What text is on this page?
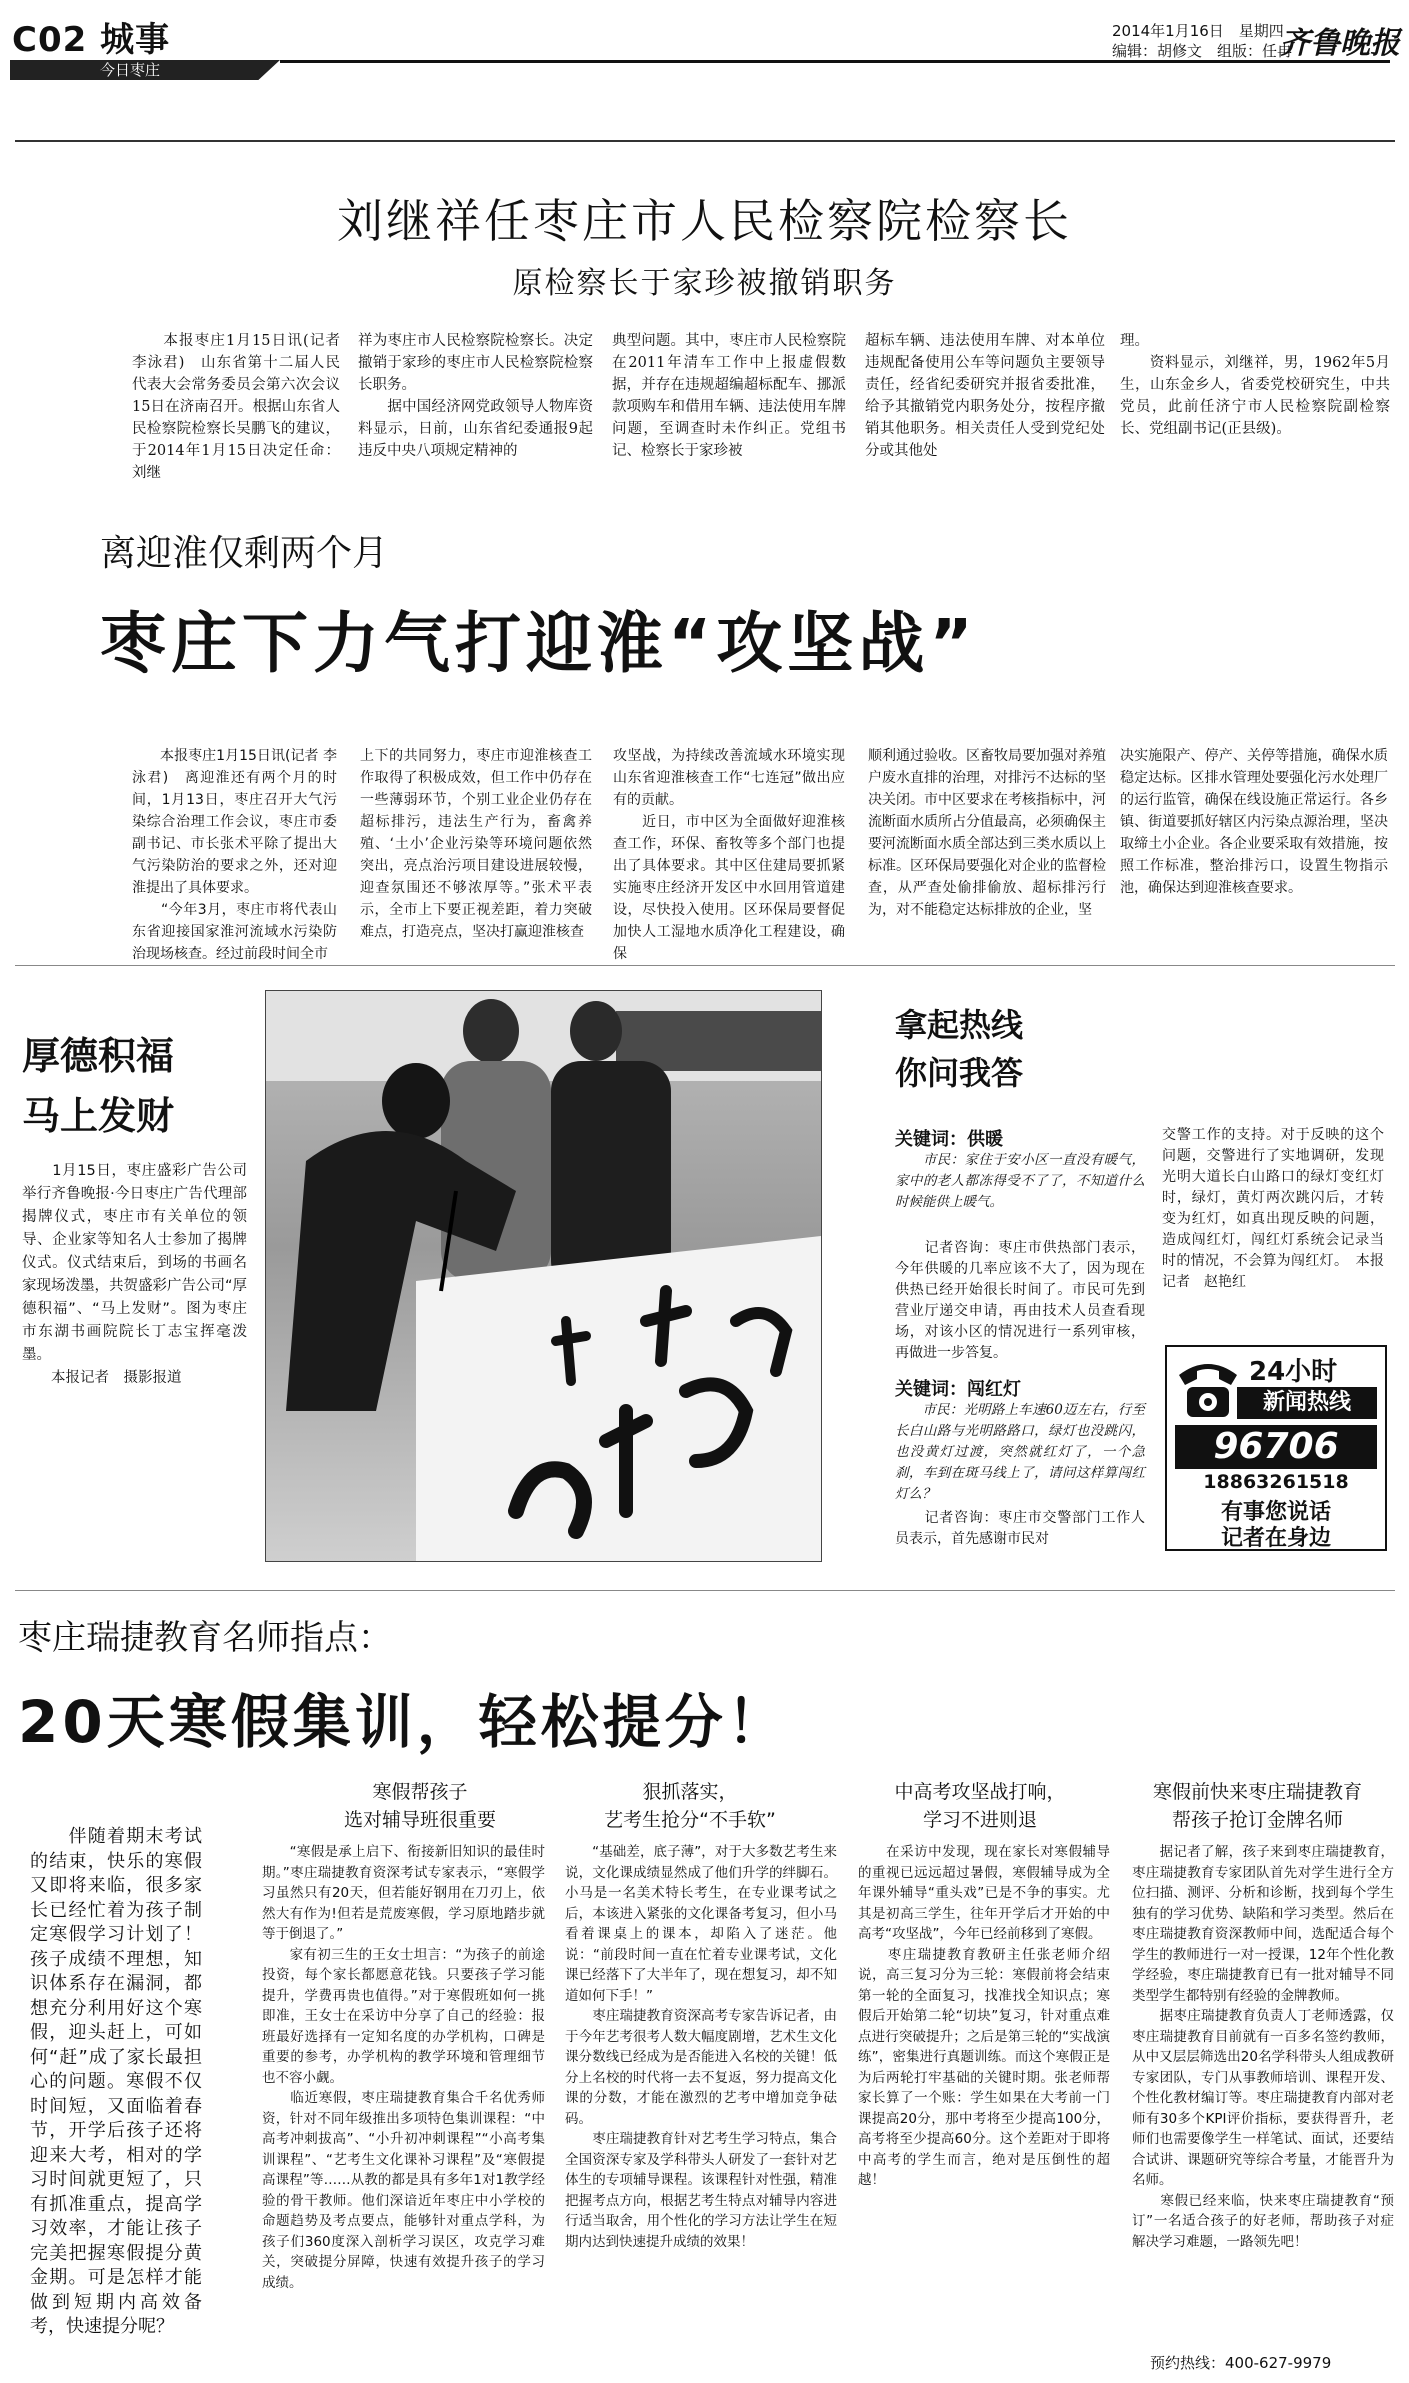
C02 城事
今日枣庄
2014年1月16日　星期四
编辑：胡修文　组版：任冉
齐鲁晚报
刘继祥任枣庄市人民检察院检察长
原检察长于家珍被撤销职务
　　本报枣庄1月15日讯(记者 李泳君)　山东省第十二届人民代表大会常务委员会第六次会议15日在济南召开。根据山东省人民检察院检察长吴鹏飞的建议，于2014年1月15日决定任命：刘继
祥为枣庄市人民检察院检察长。决定撤销于家珍的枣庄市人民检察院检察长职务。
　　据中国经济网党政领导人物库资料显示，日前，山东省纪委通报9起违反中央八项规定精神的
典型问题。其中，枣庄市人民检察院在2011年清车工作中上报虚假数据，并存在违规超编超标配车、挪派款项购车和借用车辆、违法使用车牌问题，至调查时未作纠正。党组书记、检察长于家珍被
超标车辆、违法使用车牌、对本单位违规配备使用公车等问题负主要领导责任，经省纪委研究并报省委批准，给予其撤销党内职务处分，按程序撤销其他职务。相关责任人受到党纪处分或其他处
理。
　　资料显示，刘继祥，男，1962年5月生，山东金乡人，省委党校研究生，中共党员，此前任济宁市人民检察院副检察长、党组副书记(正县级)。
离迎淮仅剩两个月
枣庄下力气打迎淮“攻坚战”
　　本报枣庄1月15日讯(记者 李泳君)　离迎淮还有两个月的时间，1月13日，枣庄召开大气污染综合治理工作会议，枣庄市委副书记、市长张术平除了提出大气污染防治的要求之外，还对迎淮提出了具体要求。
　　“今年3月，枣庄市将代表山东省迎接国家淮河流域水污染防治现场核查。经过前段时间全市
上下的共同努力，枣庄市迎淮核查工作取得了积极成效，但工作中仍存在一些薄弱环节，个别工业企业仍存在超标排污，违法生产行为，畜禽养殖、‘土小’企业污染等环境问题依然突出，亮点治污项目建设进展较慢，迎查氛围还不够浓厚等。”张术平表示，全市上下要正视差距，着力突破难点，打造亮点，坚决打赢迎淮核查
攻坚战，为持续改善流域水环境实现山东省迎淮核查工作“七连冠”做出应有的贡献。
　　近日，市中区为全面做好迎淮核查工作，环保、畜牧等多个部门也提出了具体要求。其中区住建局要抓紧实施枣庄经济开发区中水回用管道建设，尽快投入使用。区环保局要督促加快人工湿地水质净化工程建设，确保
顺利通过验收。区畜牧局要加强对养殖户废水直排的治理，对排污不达标的坚决关闭。市中区要求在考核指标中，河流断面水质所占分值最高，必须确保主要河流断面水质全部达到三类水质以上标准。区环保局要强化对企业的监督检查，从严查处偷排偷放、超标排污行为，对不能稳定达标排放的企业，坚
决实施限产、停产、关停等措施，确保水质稳定达标。区排水管理处要强化污水处理厂的运行监管，确保在线设施正常运行。各乡镇、街道要抓好辖区内污染点源治理，坚决取缔土小企业。各企业要采取有效措施，按照工作标准，整治排污口，设置生物指示池，确保达到迎淮核查要求。
厚德积福
马上发财
　　1月15日，枣庄盛彩广告公司举行齐鲁晚报·今日枣庄广告代理部揭牌仪式，枣庄市有关单位的领导、企业家等知名人士参加了揭牌仪式。仪式结束后，到场的书画名家现场泼墨，共贺盛彩广告公司“厚德积福”、“马上发财”。图为枣庄市东湖书画院院长丁志宝挥毫泼墨。
　　本报记者　摄影报道
拿起热线
你问我答
关键词：供暖
　　市民：家住于安小区一直没有暖气，家中的老人都冻得受不了了，不知道什么时候能供上暖气。
　　记者咨询：枣庄市供热部门表示，今年供暖的几率应该不大了，因为现在供热已经开始很长时间了。市民可先到营业厅递交申请，再由技术人员查看现场，对该小区的情况进行一系列审核，再做进一步答复。
关键词：闯红灯
　　市民：光明路上车速60迈左右，行至长白山路与光明路路口，绿灯也没跳闪，也没黄灯过渡，突然就红灯了，一个急刹，车到在斑马线上了，请问这样算闯红灯么？
　　记者咨询：枣庄市交警部门工作人员表示，首先感谢市民对
交警工作的支持。对于反映的这个问题，交警进行了实地调研，发现光明大道长白山路口的绿灯变红灯时，绿灯，黄灯两次跳闪后，才转变为红灯，如真出现反映的问题，造成闯红灯，闯红灯系统会记录当时的情况，不会算为闯红灯。　本报记者　赵艳红
24小时
新闻热线
96706
18863261518
有事您说话
记者在身边
枣庄瑞捷教育名师指点：
20天寒假集训，轻松提分！
　　伴随着期末考试的结束，快乐的寒假又即将来临，很多家长已经忙着为孩子制定寒假学习计划了！孩子成绩不理想，知识体系存在漏洞，都想充分利用好这个寒假，迎头赶上，可如何“赶”成了家长最担心的问题。寒假不仅时间短，又面临着春节，开学后孩子还将迎来大考，相对的学习时间就更短了，只有抓准重点，提高学习效率，才能让孩子完美把握寒假提分黄金期。可是怎样才能做到短期内高效备考，快速提分呢？
寒假帮孩子
选对辅导班很重要
　　“寒假是承上启下、衔接新旧知识的最佳时期。”枣庄瑞捷教育资深考试专家表示，“寒假学习虽然只有20天，但若能好钢用在刀刃上，依然大有作为!但若是荒废寒假，学习原地踏步就等于倒退了。”
　　家有初三生的王女士坦言：“为孩子的前途投资，每个家长都愿意花钱。只要孩子学习能提升，学费再贵也值得。”对于寒假班如何一挑即准，王女士在采访中分享了自己的经验：报班最好选择有一定知名度的办学机构，口碑是重要的参考，办学机构的教学环境和管理细节也不容小觑。
　　临近寒假，枣庄瑞捷教育集合千名优秀师资，针对不同年级推出多项特色集训课程：“中高考冲刺拔高”、“小升初冲刺课程”“小高考集训课程”、“艺考生文化课补习课程”及“寒假提高课程”等……从教的都是具有多年1对1教学经验的骨干教师。他们深谙近年枣庄中小学校的命题趋势及考点要点，能够针对重点学科，为孩子们360度深入剖析学习误区，攻克学习难关，突破提分屏障，快速有效提升孩子的学习成绩。
狠抓落实，
艺考生抢分“不手软”
　　“基础差，底子薄”，对于大多数艺考生来说，文化课成绩显然成了他们升学的绊脚石。小马是一名美术特长考生，在专业课考试之后，本该进入紧张的文化课备考复习，但小马看着课桌上的课本，却陷入了迷茫。他说：“前段时间一直在忙着专业课考试，文化课已经落下了大半年了，现在想复习，却不知道如何下手！”
　　枣庄瑞捷教育资深高考专家告诉记者，由于今年艺考很考人数大幅度剧增，艺术生文化课分数线已经成为是否能进入名校的关键！低分上名校的时代将一去不复返，努力提高文化课的分数，才能在激烈的艺考中增加竞争砝码。
　　枣庄瑞捷教育针对艺考生学习特点，集合全国资深专家及学科带头人研发了一套针对艺体生的专项辅导课程。该课程针对性强，精准把握考点方向，根据艺考生特点对辅导内容进行适当取舍，用个性化的学习方法让学生在短期内达到快速提升成绩的效果！
中高考攻坚战打响，
学习不进则退
　　在采访中发现，现在家长对寒假辅导的重视已远远超过暑假，寒假辅导成为全年课外辅导“重头戏”已是不争的事实。尤其是初高三学生，往年开学后才开始的中高考“攻坚战”，今年已经前移到了寒假。
　　枣庄瑞捷教育教研主任张老师介绍说，高三复习分为三轮：寒假前将会结束第一轮的全面复习，找准找全知识点；寒假后开始第二轮“切块”复习，针对重点难点进行突破提升；之后是第三轮的“实战演练”，密集进行真题训练。而这个寒假正是为后两轮打牢基础的关键时期。张老师帮家长算了一个账：学生如果在大考前一门课提高20分，那中考将至少提高100分，高考将至少提高60分。这个差距对于即将中高考的学生而言，绝对是压倒性的超越！
寒假前快来枣庄瑞捷教育
帮孩子抢订金牌名师
　　据记者了解，孩子来到枣庄瑞捷教育，枣庄瑞捷教育专家团队首先对学生进行全方位扫描、测评、分析和诊断，找到每个学生独有的学习优势、缺陷和学习类型。然后在枣庄瑞捷教育资深教师中间，选配适合每个学生的教师进行一对一授课，12年个性化教学经验，枣庄瑞捷教育已有一批对辅导不同类型学生都特别有经验的金牌教师。
　　据枣庄瑞捷教育负责人丁老师透露，仅枣庄瑞捷教育目前就有一百多名签约教师，从中又层层筛选出20名学科带头人组成教研专家团队，专门从事教师培训、课程开发、个性化教材编订等。枣庄瑞捷教育内部对老师有30多个KPI评价指标，要获得晋升，老师们也需要像学生一样笔试、面试，还要结合试讲、课题研究等综合考量，才能晋升为名师。
　　寒假已经来临，快来枣庄瑞捷教育“预订”一名适合孩子的好老师，帮助孩子对症解决学习难题，一路领先吧！
预约热线：400-627-9979
